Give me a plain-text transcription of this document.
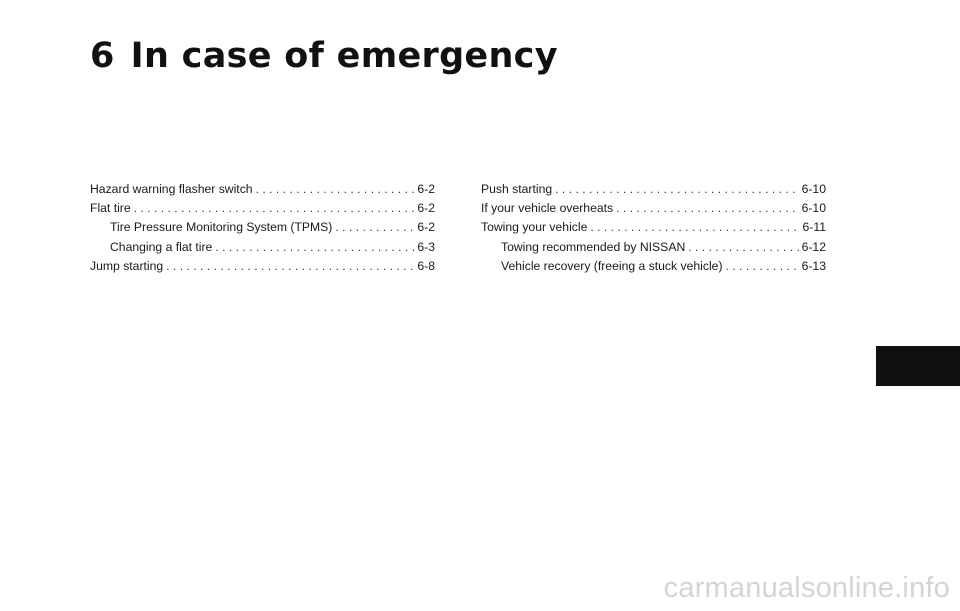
6 In case of emergency
Hazard warning flasher switch . . .	6-2
Flat tire . . .	6-2
Tire Pressure Monitoring System (TPMS) . . .	6-2
Changing a flat tire . . .	6-3
Jump starting . . .	6-8
Push starting . . .	6-10
If your vehicle overheats . . .	6-10
Towing your vehicle . . .	6-11
Towing recommended by NISSAN . . .	6-12
Vehicle recovery (freeing a stuck vehicle) . . .	6-13
carmanualsonline.info
